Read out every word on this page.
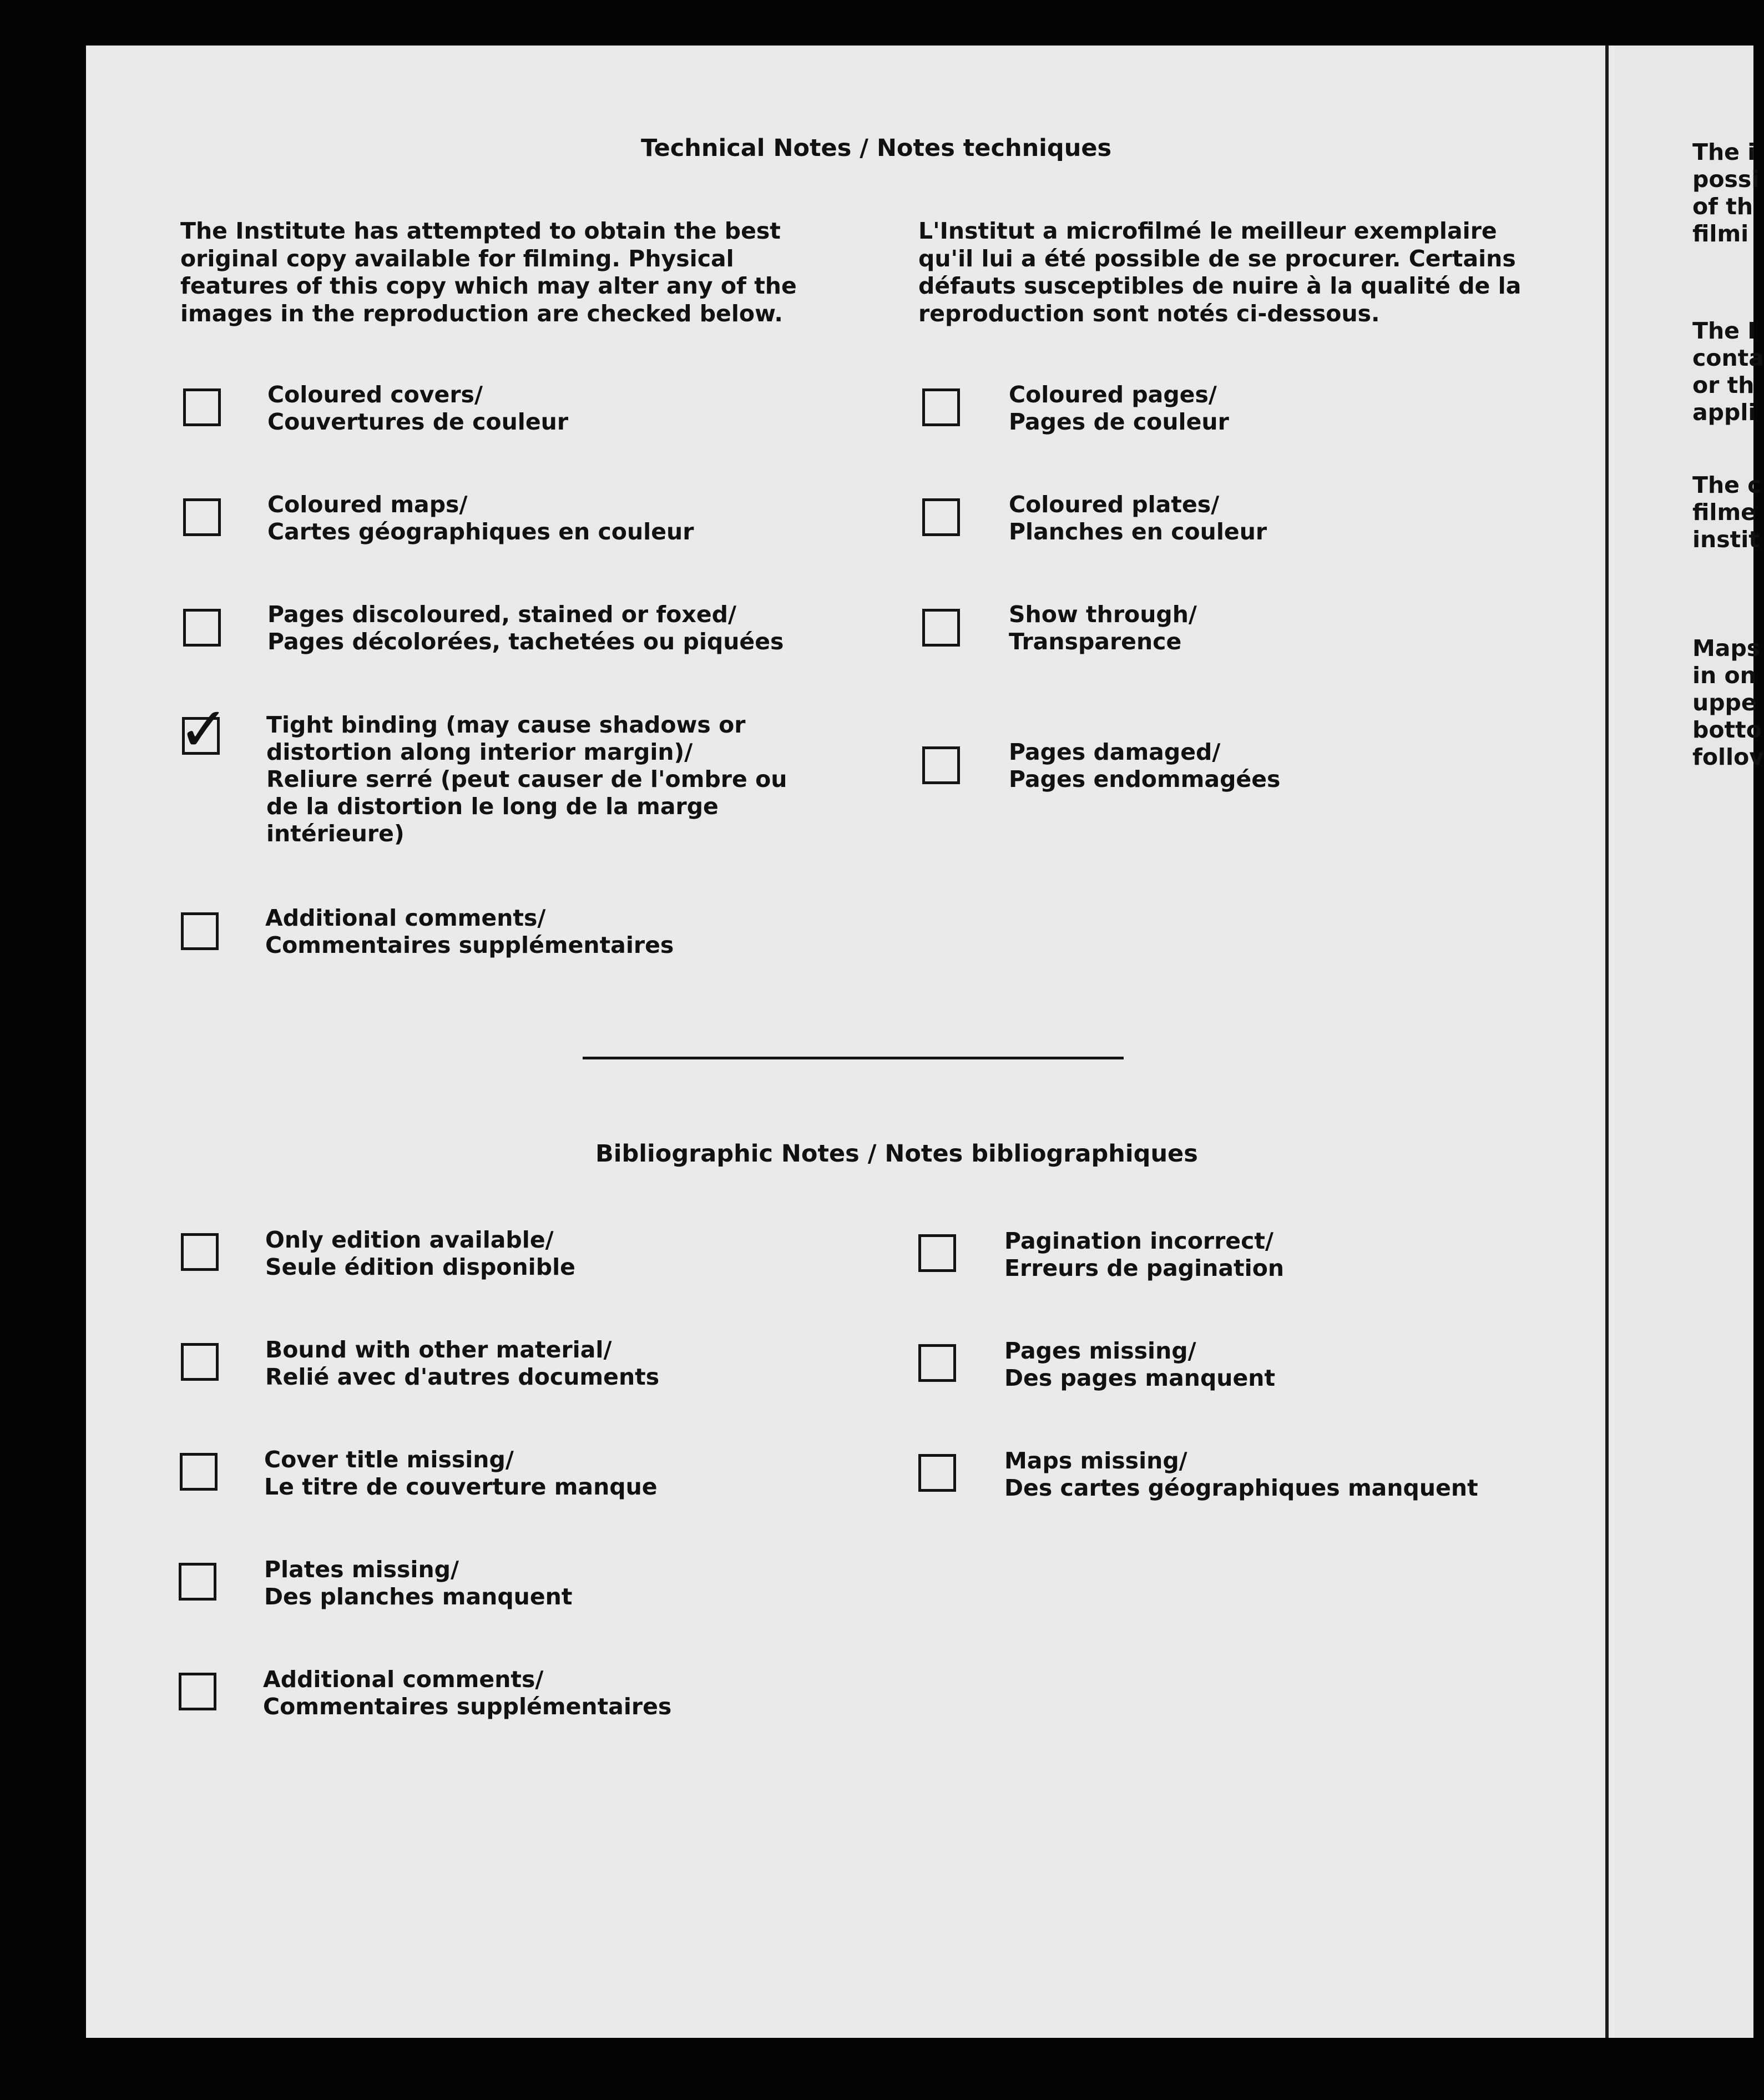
Technical Notes / Notes techniques

The Institute has attempted to obtain the best
original copy available for filming. Physical
features of this copy which may alter any of the
images in the reproduction are checked below.
L'Institut a microfilmé le meilleur exemplaire
qu'il lui a été possible de se procurer. Certains
défauts susceptibles de nuire à la qualité de la
reproduction sont notés ci-dessous.
Coloured covers/
Couvertures de couleur
Coloured maps/
Cartes géographiques en couleur
Pages discoloured, stained or foxed/
Pages décolorées, tachetées ou piquées
✓ Tight binding (may cause shadows or
distortion along interior margin)/
Reliure serré (peut causer de l'ombre ou
de la distortion le long de la marge
intérieure)
Additional comments/
Commentaires supplémentaires
Coloured pages/
Pages de couleur
Coloured plates/
Planches en couleur
Show through/
Transparence
Pages damaged/
Pages endommagées

Bibliographic Notes / Notes bibliographiques

Only edition available/
Seule édition disponible
Bound with other material/
Relié avec d'autres documents
Cover title missing/
Le titre de couverture manque
Plates missing/
Des planches manquent
Additional comments/
Commentaires supplémentaires
Pagination incorrect/
Erreurs de pagination
Pages missing/
Des pages manquent
Maps missing/
Des cartes géographiques manquent
The i
possi
of th
filmi
The I
conta
or th
appli
The c
filme
instit
Maps
in on
uppe
botto
follov
